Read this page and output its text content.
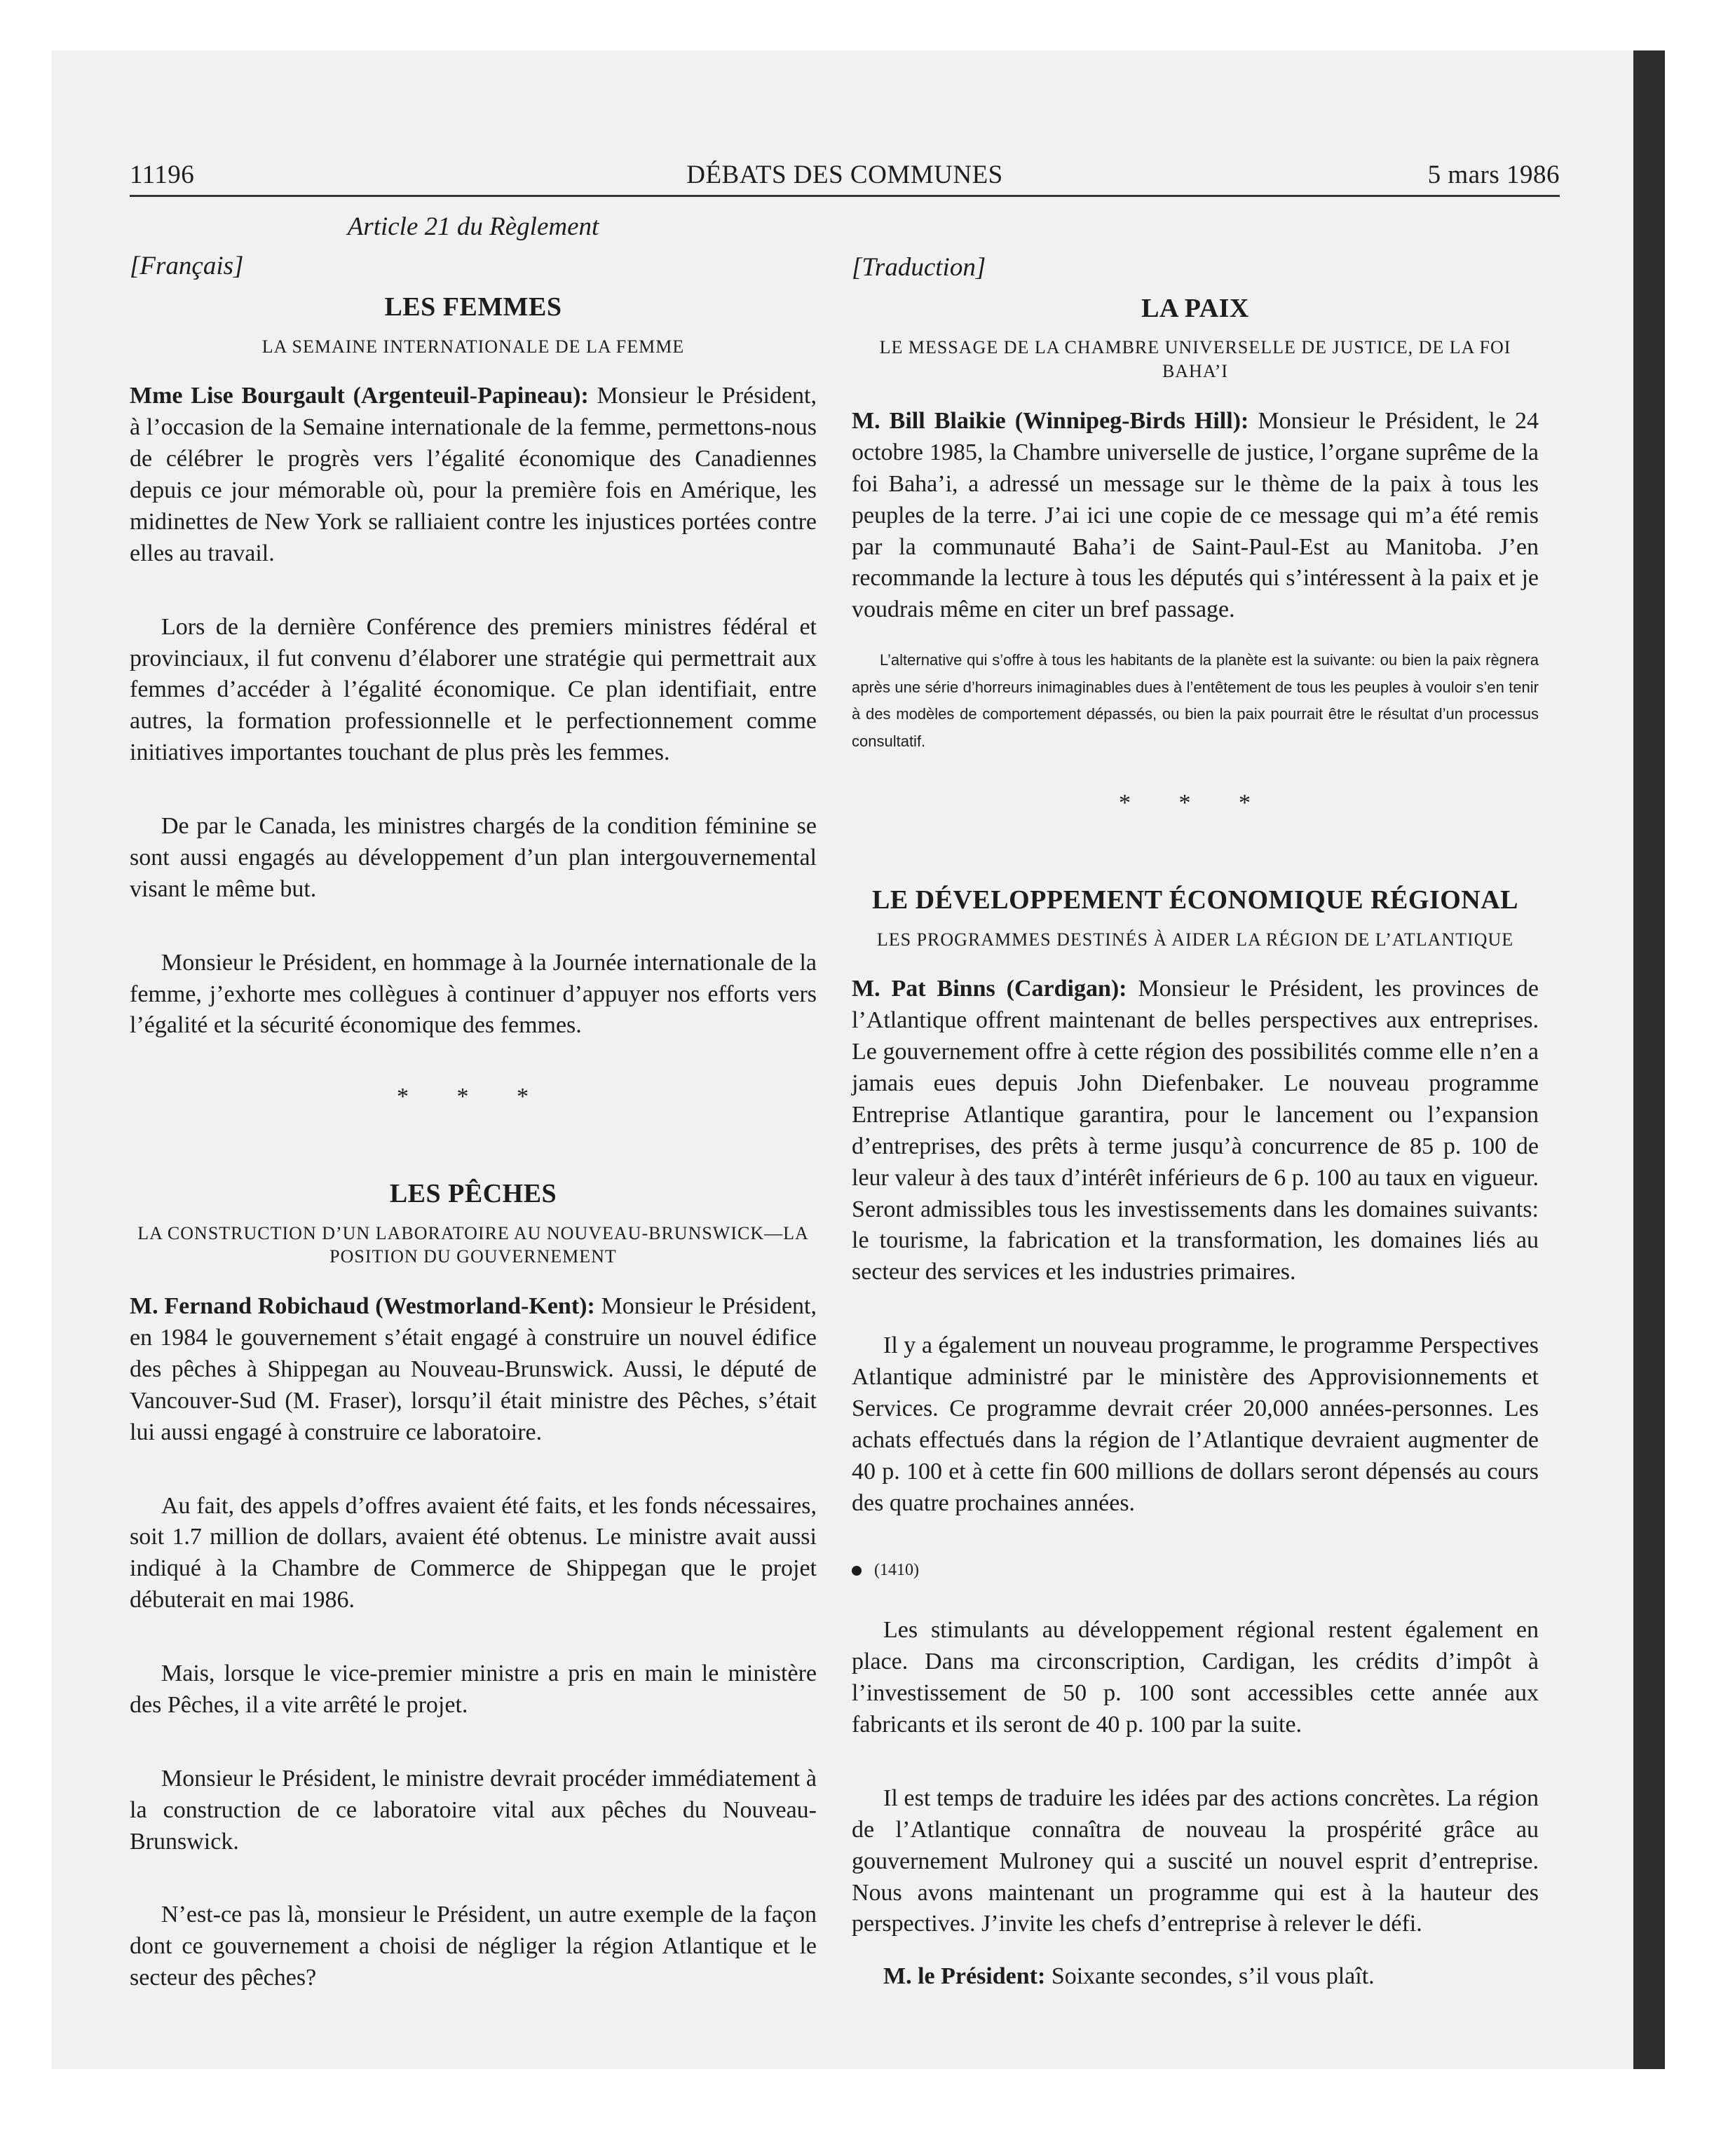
11196	DÉBATS DES COMMUNES	5 mars 1986

Article 21 du Règlement

[Français]

LES FEMMES
LA SEMAINE INTERNATIONALE DE LA FEMME

Mme Lise Bourgault (Argenteuil-Papineau): Monsieur le Président, à l’occasion de la Semaine internationale de la femme, permettons-nous de célébrer le progrès vers l’égalité économique des Canadiennes depuis ce jour mémorable où, pour la première fois en Amérique, les midinettes de New York se ralliaient contre les injustices portées contre elles au travail.

Lors de la dernière Conférence des premiers ministres fédéral et provinciaux, il fut convenu d’élaborer une stratégie qui permettrait aux femmes d’accéder à l’égalité économique. Ce plan identifiait, entre autres, la formation professionnelle et le perfectionnement comme initiatives importantes touchant de plus près les femmes.

De par le Canada, les ministres chargés de la condition féminine se sont aussi engagés au développement d’un plan intergouvernemental visant le même but.

Monsieur le Président, en hommage à la Journée internationale de la femme, j’exhorte mes collègues à continuer d’appuyer nos efforts vers l’égalité et la sécurité économique des femmes.

* * *
LES PÊCHES
LA CONSTRUCTION D’UN LABORATOIRE AU NOUVEAU-BRUNSWICK—LA POSITION DU GOUVERNEMENT

M. Fernand Robichaud (Westmorland-Kent): Monsieur le Président, en 1984 le gouvernement s’était engagé à construire un nouvel édifice des pêches à Shippegan au Nouveau-Brunswick. Aussi, le député de Vancouver-Sud (M. Fraser), lorsqu’il était ministre des Pêches, s’était lui aussi engagé à construire ce laboratoire.

Au fait, des appels d’offres avaient été faits, et les fonds nécessaires, soit 1.7 million de dollars, avaient été obtenus. Le ministre avait aussi indiqué à la Chambre de Commerce de Shippegan que le projet débuterait en mai 1986.

Mais, lorsque le vice-premier ministre a pris en main le ministère des Pêches, il a vite arrêté le projet.

Monsieur le Président, le ministre devrait procéder immédiatement à la construction de ce laboratoire vital aux pêches du Nouveau-Brunswick.

N’est-ce pas là, monsieur le Président, un autre exemple de la façon dont ce gouvernement a choisi de négliger la région Atlantique et le secteur des pêches?

[Traduction]

LA PAIX
LE MESSAGE DE LA CHAMBRE UNIVERSELLE DE JUSTICE, DE LA FOI BAHA’I

M. Bill Blaikie (Winnipeg-Birds Hill): Monsieur le Président, le 24 octobre 1985, la Chambre universelle de justice, l’organe suprême de la foi Baha’i, a adressé un message sur le thème de la paix à tous les peuples de la terre. J’ai ici une copie de ce message qui m’a été remis par la communauté Baha’i de Saint-Paul-Est au Manitoba. J’en recommande la lecture à tous les députés qui s’intéressent à la paix et je voudrais même en citer un bref passage.

L’alternative qui s’offre à tous les habitants de la planète est la suivante: ou bien la paix règnera après une série d’horreurs inimaginables dues à l’entêtement de tous les peuples à vouloir s’en tenir à des modèles de comportement dépassés, ou bien la paix pourrait être le résultat d’un processus consultatif.

* * *
LE DÉVELOPPEMENT ÉCONOMIQUE RÉGIONAL
LES PROGRAMMES DESTINÉS À AIDER LA RÉGION DE L’ATLANTIQUE

M. Pat Binns (Cardigan): Monsieur le Président, les provinces de l’Atlantique offrent maintenant de belles perspectives aux entreprises. Le gouvernement offre à cette région des possibilités comme elle n’en a jamais eues depuis John Diefenbaker. Le nouveau programme Entreprise Atlantique garantira, pour le lancement ou l’expansion d’entreprises, des prêts à terme jusqu’à concurrence de 85 p. 100 de leur valeur à des taux d’intérêt inférieurs de 6 p. 100 au taux en vigueur. Seront admissibles tous les investissements dans les domaines suivants: le tourisme, la fabrication et la transformation, les domaines liés au secteur des services et les industries primaires.

Il y a également un nouveau programme, le programme Perspectives Atlantique administré par le ministère des Approvisionnements et Services. Ce programme devrait créer 20,000 années-personnes. Les achats effectués dans la région de l’Atlantique devraient augmenter de 40 p. 100 et à cette fin 600 millions de dollars seront dépensés au cours des quatre prochaines années.

(1410)

Les stimulants au développement régional restent également en place. Dans ma circonscription, Cardigan, les crédits d’impôt à l’investissement de 50 p. 100 sont accessibles cette année aux fabricants et ils seront de 40 p. 100 par la suite.

Il est temps de traduire les idées par des actions concrètes. La région de l’Atlantique connaîtra de nouveau la prospérité grâce au gouvernement Mulroney qui a suscité un nouvel esprit d’entreprise. Nous avons maintenant un programme qui est à la hauteur des perspectives. J’invite les chefs d’entreprise à relever le défi.

M. le Président: Soixante secondes, s’il vous plaît.
